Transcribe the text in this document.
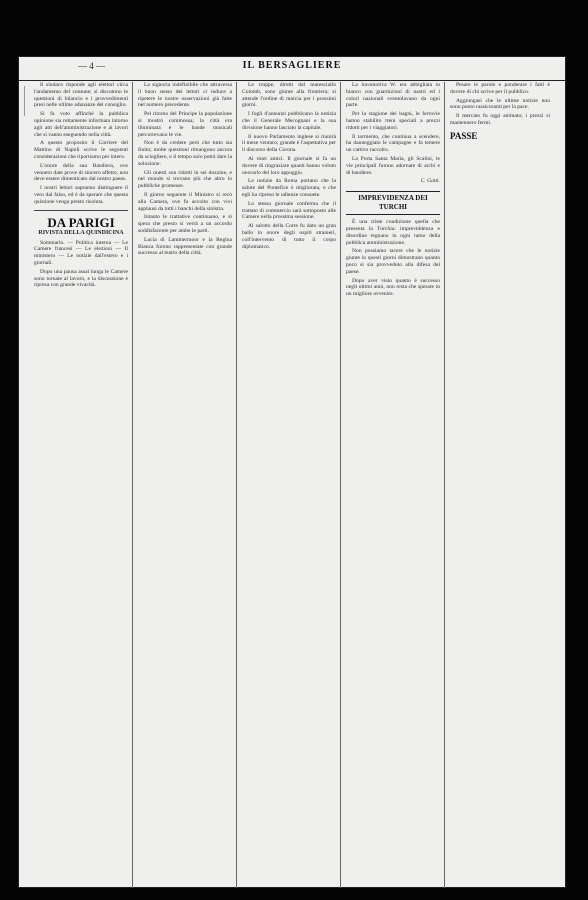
— 4 —	IL BERSAGLIERE

Il sindaco risponde agli elettori circa l'andamento del comune; si discutono le questioni di bilancio e i provvedimenti presi nelle ultime adunanze del consiglio.

Si fa voto affinché la pubblica opinione sia rettamente informata intorno agli atti dell'amministrazione e ai lavori che si vanno eseguendo nella città.

A questo proposito il Corriere del Mattino di Napoli scrive le seguenti considerazioni che riportiamo per intero.

L'onore della sua Bandiera, ove vennero date prove di sincero affetto, non deve essere dimenticato dal nostro paese.

I nostri lettori sapranno distinguere il vero dal falso, ed è da sperare che questa quistione venga presto risoluta.

DA PARIGI

RIVISTA DELLA QUINDICINA

Sommario. — Politica interna — Le Camere francesi — Le elezioni — Il ministero — Le notizie dall'estero e i giornali.

Dopo una pausa assai lunga le Camere sono tornate al lavoro, e la discussione è ripresa con grande vivacità.

La signoria indefinibile che attraversa il buon senso dei lettori ci induce a ripetere le nostre osservazioni già fatte nel numero precedente.

Pel ritorno del Principe la popolazione si mostrò commossa; la città era illuminata e le bande musicali percorrevano le vie.

Non è da credere però che tutto sia finito; molte questioni rimangono ancora da sciogliere, e il tempo solo potrà dare la soluzione.

Gli onesti son ridotti in sei dozzine, e nel mondo si trovano più che altro in pubbliche promesse.

Il giorno seguente il Ministro si recò alla Camera, ove fu accolto con vivi applausi da tutti i banchi della sinistra.

Intanto le trattative continuano, e si spera che presto si verrà a un accordo soddisfacente per ambe le parti.

Lucia di Lammermoor e la Regina Bianca furono rappresentate con grande successo al teatro della città.

Le truppe, diretti dal maresciallo Colomb, sono giunte alla frontiera; si attende l'ordine di marcia per i prossimi giorni.

I fogli d'annunzi pubblicano la notizia che il Generale Mecognani e la sua divisione hanno lasciato la capitale.

Il nuovo Parlamento inglese si riunirà il mese venturo; grande è l'aspettativa per il discorso della Corona.

Ai miei amici. Il giornale si fa un dovere di ringraziare quanti hanno voluto onorarlo del loro appoggio.

Le notizie da Roma portano che la salute del Pontefice è migliorata, e che egli ha ripreso le udienze consuete.

Lo stesso giornale conferma che il trattato di commercio sarà sottoposto alle Camere nella prossima sessione.

Al salotto della Corte fu dato un gran ballo in onore degli ospiti stranieri, coll'intervento di tutto il corpo diplomatico.

La locomotiva W. era abbigliata in bianco con guarnizioni di nastri ed i colori nazionali sventolavano da ogni parte.

Per la stagione dei bagni, le ferrovie hanno stabilito treni speciali a prezzi ridotti per i viaggiatori.

Il tormento, che continua a scendere, ha danneggiato le campagne e fa temere un cattivo raccolto.

La Porta Santa Maria, gli Scalini, le vie principali furono adornate di archi e di bandiere.

C. Gatti.

IMPREVIDENZA DEI TURCHI

È una triste condizione quella che presenta la Turchia: impreviddenza e disordine regnano in ogni ramo della pubblica amministrazione.

Non possiamo tacere che le notizie giunte in questi giorni dimostrano quanto poco si sia provveduto alla difesa del paese.

Dopo aver visto quanto è successo negli ultimi anni, non resta che sperare in un migliore avvenire.

Pesare le parole e ponderare i fatti è dovere di chi scrive per il pubblico.

Aggiungasi che le ultime notizie non sono punto rassicuranti per la pace.

Il mercato fu oggi animato; i prezzi si mantennero fermi.

PASSE
